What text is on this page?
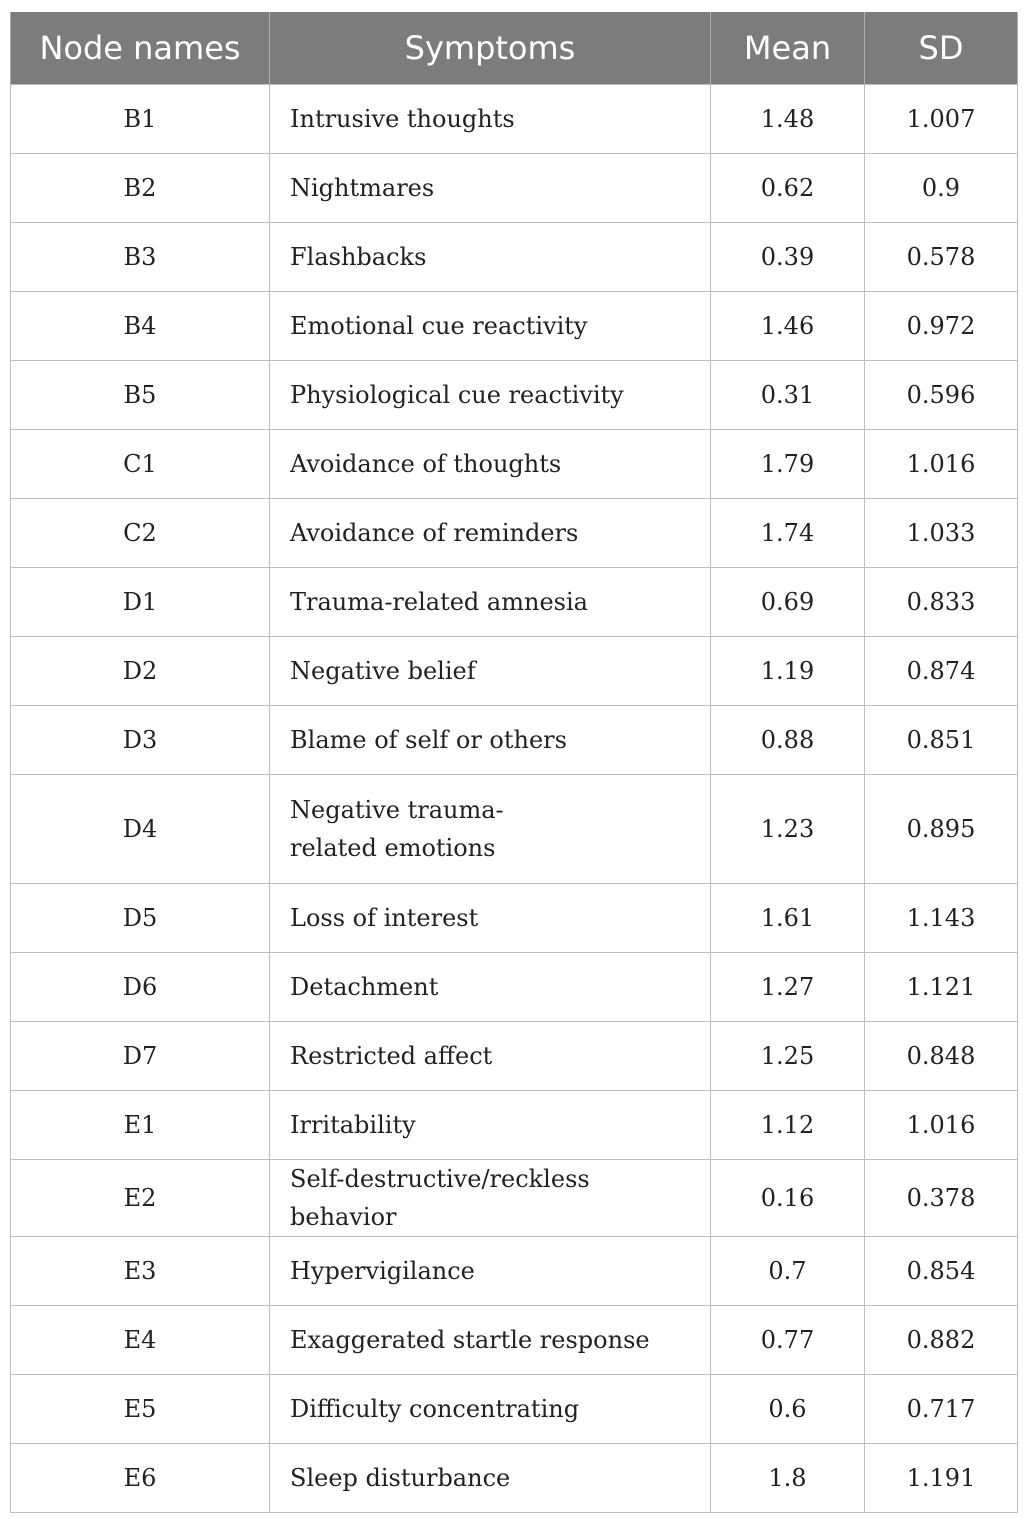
Node names	Symptoms	Mean	SD
B1	Intrusive thoughts	1.48	1.007
B2	Nightmares	0.62	0.9
B3	Flashbacks	0.39	0.578
B4	Emotional cue reactivity	1.46	0.972
B5	Physiological cue reactivity	0.31	0.596
C1	Avoidance of thoughts	1.79	1.016
C2	Avoidance of reminders	1.74	1.033
D1	Trauma-related amnesia	0.69	0.833
D2	Negative belief	1.19	0.874
D3	Blame of self or others	0.88	0.851
D4	Negative trauma-related emotions	1.23	0.895
D5	Loss of interest	1.61	1.143
D6	Detachment	1.27	1.121
D7	Restricted affect	1.25	0.848
E1	Irritability	1.12	1.016
E2	Self-destructive/reckless behavior	0.16	0.378
E3	Hypervigilance	0.7	0.854
E4	Exaggerated startle response	0.77	0.882
E5	Difficulty concentrating	0.6	0.717
E6	Sleep disturbance	1.8	1.191
